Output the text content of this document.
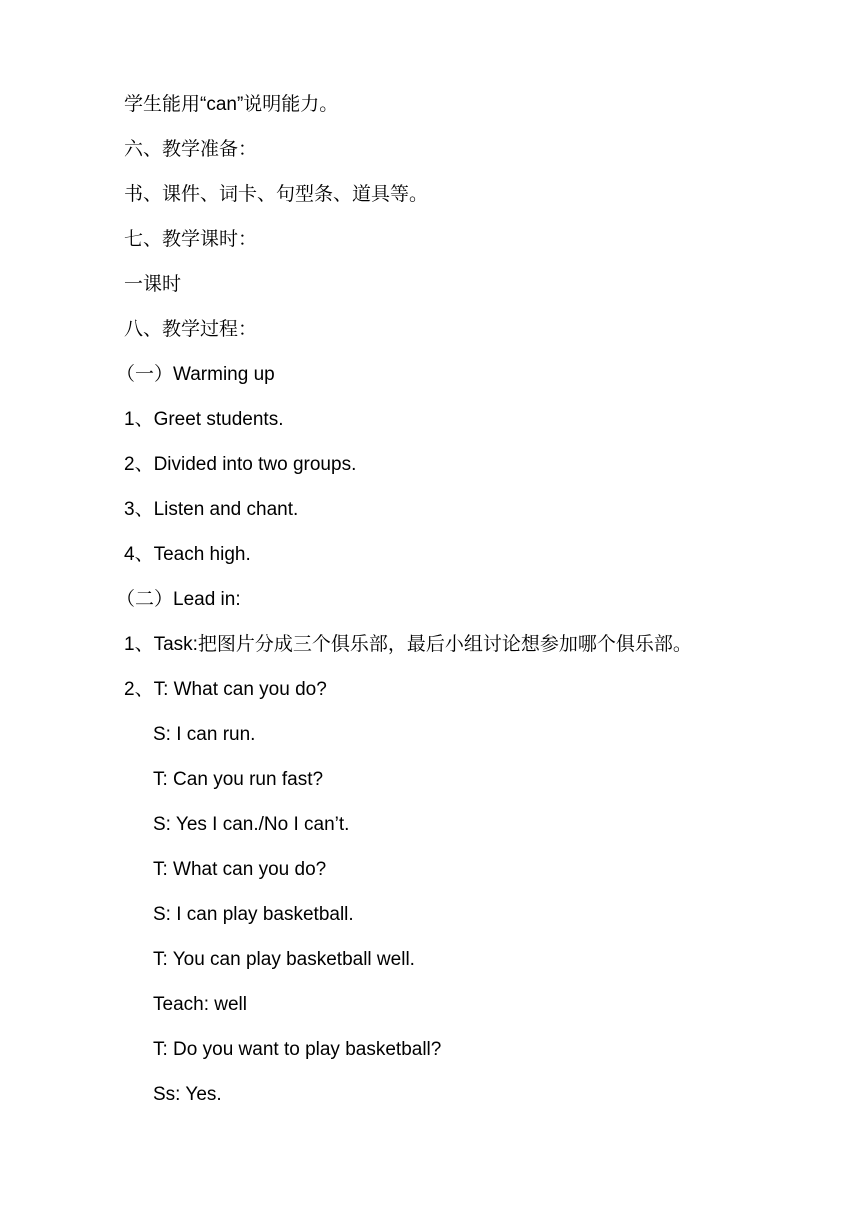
学生能用“can”说明能力。
六、教学准备：
书、课件、词卡、句型条、道具等。
七、教学课时：
一课时
八、教学过程：
（一）Warming up
1、Greet students.
2、Divided into two groups.
3、Listen and chant.
4、Teach high.
（二）Lead in:
1、Task:把图片分成三个俱乐部，最后小组讨论想参加哪个俱乐部。
2、T: What can you do?
S: I can run.
T: Can you run fast?
S: Yes I can./No I can’t.
T: What can you do?
S: I can play basketball.
T: You can play basketball well.
Teach: well
T: Do you want to play basketball?
Ss: Yes.
